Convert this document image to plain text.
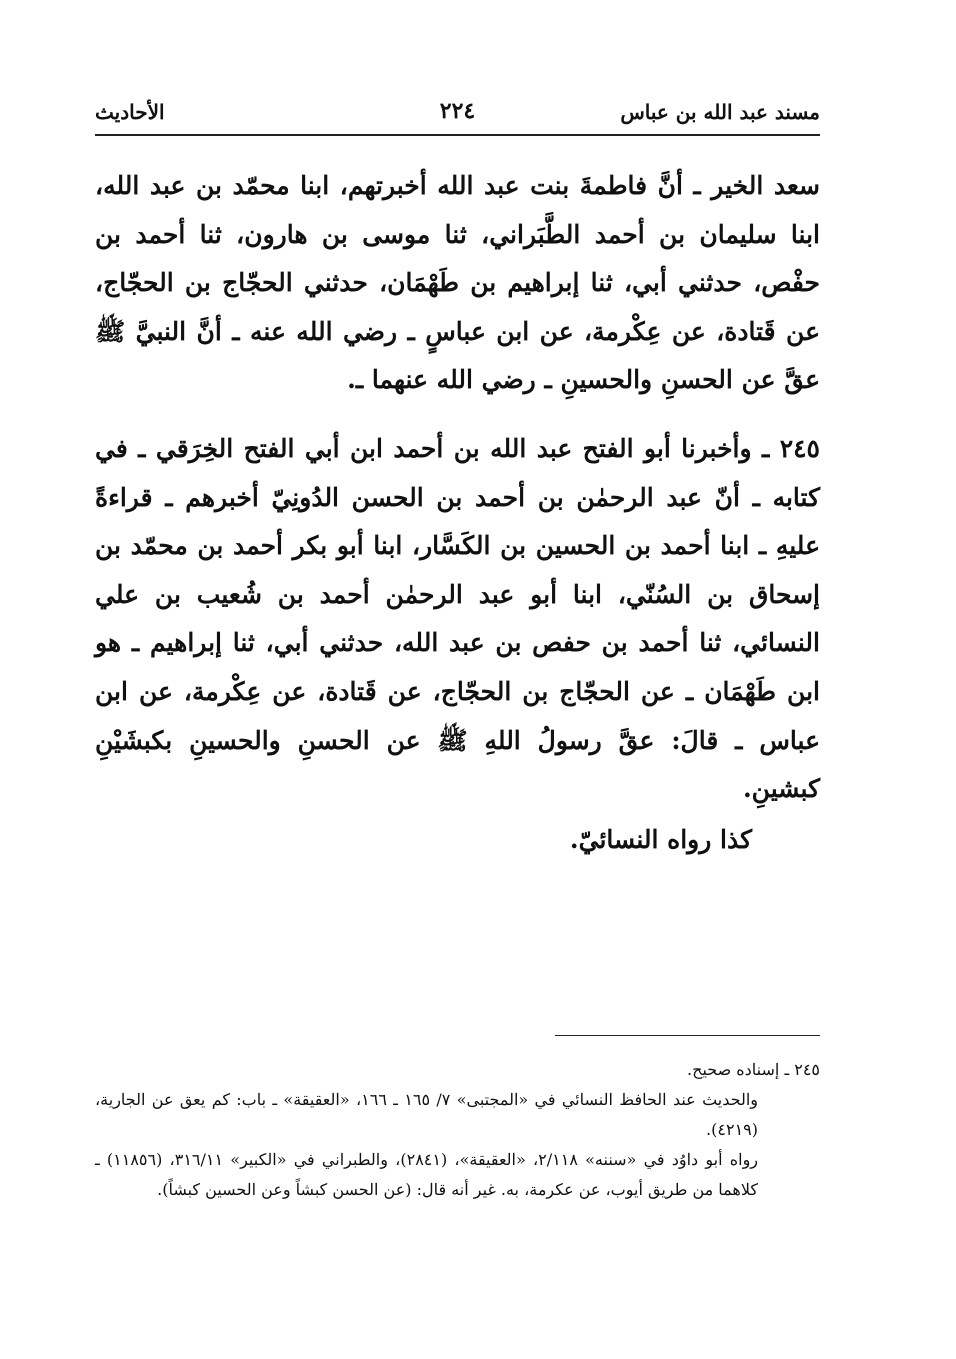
مسند عبد الله بن عباس
٢٢٤
الأحاديث

سعد الخير ـ أنَّ فاطمةَ بنت عبد الله أخبرتهم، ابنا محمّد بن عبد الله، ابنا سليمان بن أحمد الطَّبَراني، ثنا موسى بن هارون، ثنا أحمد بن حفْص، حدثني أبي، ثنا إبراهيم بن طَهْمَان، حدثني الحجّاج بن الحجّاج، عن قَتادة، عن عِكْرمة، عن ابن عباسٍ ـ رضي الله عنه ـ أنَّ النبيَّ ﷺ عقَّ عن الحسنِ والحسينِ ـ رضي الله عنهما ـ.

٢٤٥ ـ وأخبرنا أبو الفتح عبد الله بن أحمد ابن أبي الفتح الخِرَقي ـ في كتابه ـ أنّ عبد الرحمٰن بن أحمد بن الحسن الدُونِيّ أخبرهم ـ قراءةً عليهِ ـ ابنا أحمد بن الحسين بن الكَسَّار، ابنا أبو بكر أحمد بن محمّد بن إسحاق بن السُنّي، ابنا أبو عبد الرحمٰن أحمد بن شُعيب بن علي النسائي، ثنا أحمد بن حفص بن عبد الله، حدثني أبي، ثنا إبراهيم ـ هو ابن طَهْمَان ـ عن الحجّاج بن الحجّاج، عن قَتادة، عن عِكْرمة، عن ابن عباس ـ قالَ: عقَّ رسولُ اللهِ ﷺ عن الحسنِ والحسينِ بكبشَيْنِ كبشينِ.

كذا رواه النسائيّ.

٢٤٥ ـ إسناده صحيح.

والحديث عند الحافظ النسائي في «المجتبى» ٧/ ١٦٥ ـ ١٦٦، «العقيقة» ـ باب: كم يعق عن الجارية، (٤٢١٩).

رواه أبو داوُد في «سننه» ٢/١١٨، «العقيقة»، (٢٨٤١)، والطبراني في «الكبير» ٣١٦/١١، (١١٨٥٦) ـ كلاهما من طريق أيوب، عن عكرمة، به. غير أنه قال: (عن الحسن كبشاً وعن الحسين كبشاً).
